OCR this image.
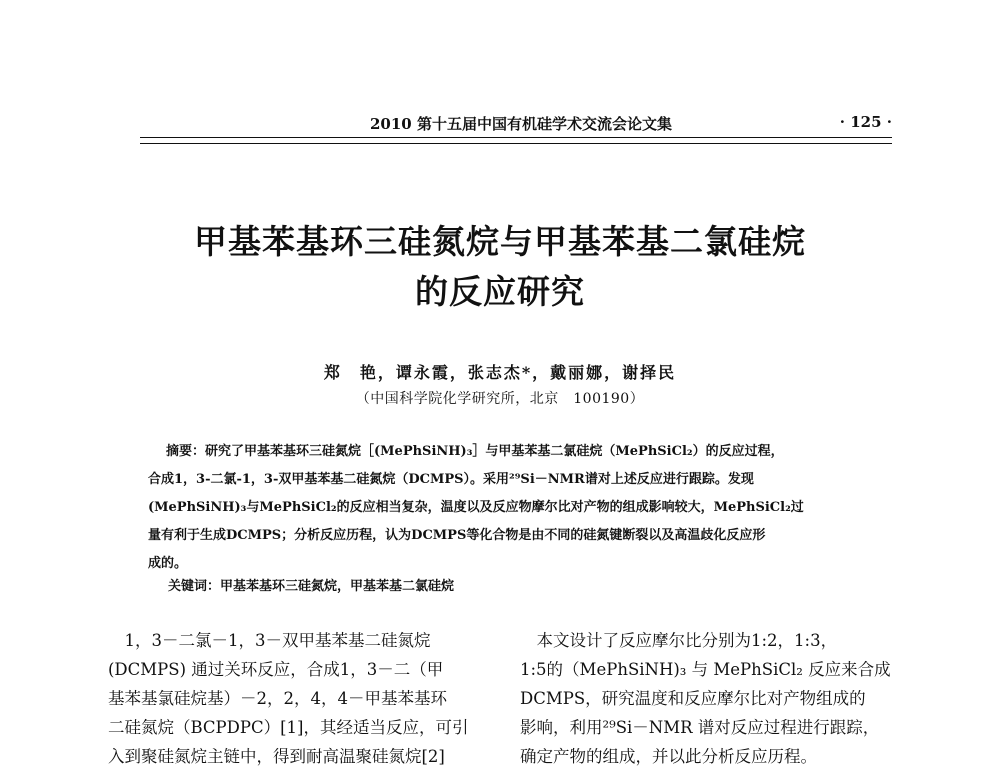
2010 第十五届中国有机硅学术交流会论文集	· 125 ·
甲基苯基环三硅氮烷与甲基苯基二氯硅烷
的反应研究
郑　艳，谭永霞，张志杰*，戴丽娜，谢择民
（中国科学院化学研究所，北京　100190）
摘要：研究了甲基苯基环三硅氮烷［(MePhSiNH)₃］与甲基苯基二氯硅烷（MePhSiCl₂）的反应过程，
合成1，3-二氯-1，3-双甲基苯基二硅氮烷（DCMPS）。采用²⁹Si－NMR谱对上述反应进行跟踪。发现
(MePhSiNH)₃与MePhSiCl₂的反应相当复杂，温度以及反应物摩尔比对产物的组成影响较大，MePhSiCl₂过
量有利于生成DCMPS；分析反应历程，认为DCMPS等化合物是由不同的硅氮键断裂以及高温歧化反应形
成的。
关键词：甲基苯基环三硅氮烷，甲基苯基二氯硅烷
　1，3－二氯－1，3－双甲基苯基二硅氮烷
(DCMPS) 通过关环反应，合成1，3－二（甲
基苯基氯硅烷基）－2，2，4，4－甲基苯基环
二硅氮烷（BCPDPC）[1]，其经适当反应，可引
入到聚硅氮烷主链中，得到耐高温聚硅氮烷[2]
　本文设计了反应摩尔比分别为1:2，1:3，
1:5的（MePhSiNH)₃ 与 MePhSiCl₂ 反应来合成
DCMPS，研究温度和反应摩尔比对产物组成的
影响，利用²⁹Si－NMR 谱对反应过程进行跟踪，
确定产物的组成，并以此分析反应历程。
